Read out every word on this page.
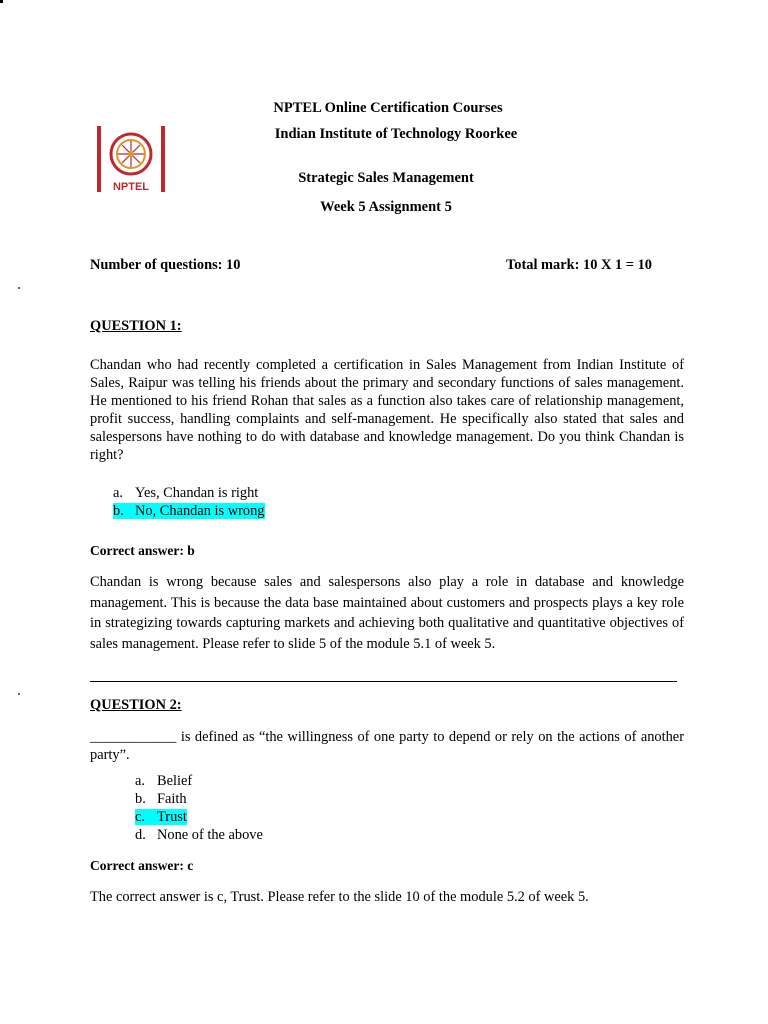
NPTEL
NPTEL Online Certification Courses
Indian Institute of Technology Roorkee
Strategic Sales Management
Week 5 Assignment 5
Number of questions: 10	Total mark: 10 X 1 = 10
QUESTION 1:
Chandan who had recently completed a certification in Sales Management from Indian Institute of Sales, Raipur was telling his friends about the primary and secondary functions of sales management. He mentioned to his friend Rohan that sales as a function also takes care of relationship management, profit success, handling complaints and self-management. He specifically also stated that sales and salespersons have nothing to do with database and knowledge management. Do you think Chandan is right?
a. Yes, Chandan is right
b. No, Chandan is wrong
Correct answer: b
Chandan is wrong because sales and salespersons also play a role in database and knowledge management. This is because the data base maintained about customers and prospects plays a key role in strategizing towards capturing markets and achieving both qualitative and quantitative objectives of sales management. Please refer to slide 5 of the module 5.1 of week 5.
QUESTION 2:
____________ is defined as “the willingness of one party to depend or rely on the actions of another party”.
a. Belief
b. Faith
c. Trust
d. None of the above
Correct answer: c
The correct answer is c, Trust. Please refer to the slide 10 of the module 5.2 of week 5.
